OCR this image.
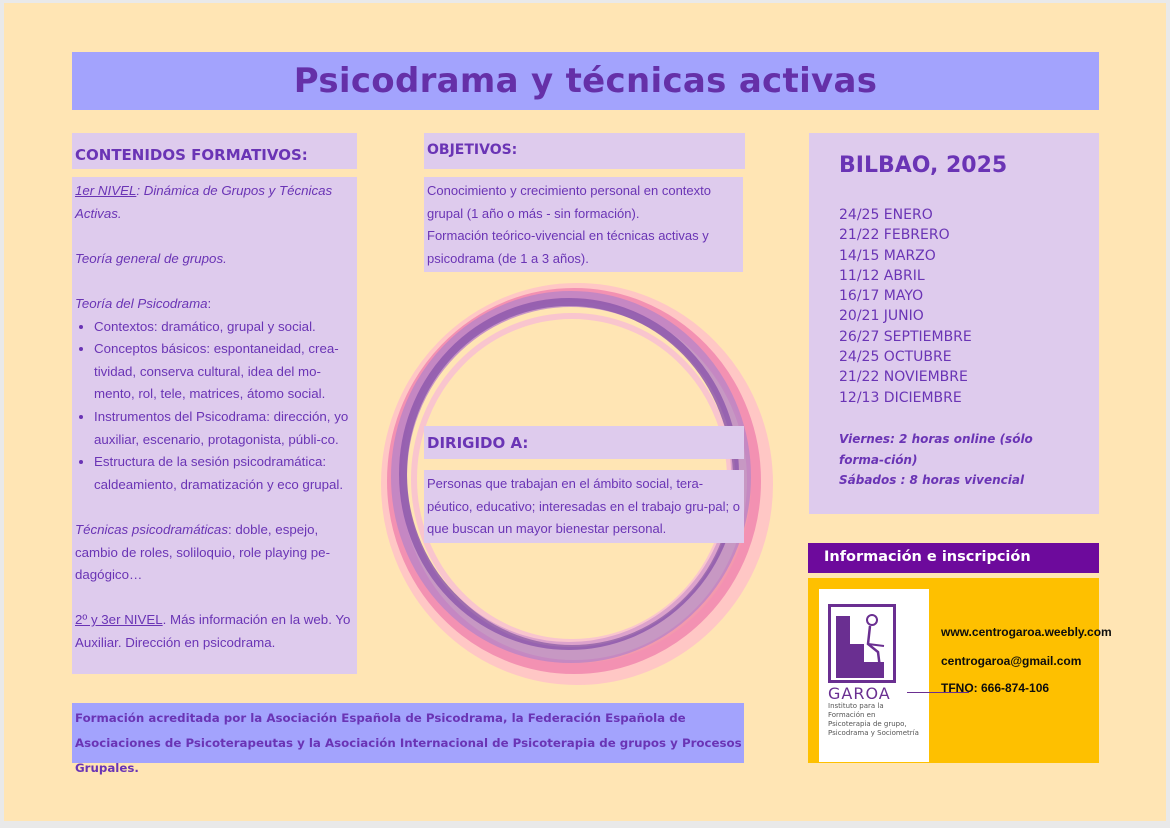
Psicodrama y técnicas activas
CONTENIDOS FORMATIVOS:

1er NIVEL: Dinámica de Grupos y Técnicas Activas.

Teoría general de grupos.

Teoría del Psicodrama:

• Contextos: dramático, grupal y social.
• Conceptos básicos: espontaneidad, crea-tividad, conserva cultural, idea del mo-mento, rol, tele, matrices, átomo social.
• Instrumentos del Psicodrama: dirección, yo auxiliar, escenario, protagonista, públi-co.
• Estructura de la sesión psicodramática: caldeamiento, dramatización y eco grupal.

Técnicas psicodramáticas: doble, espejo, cambio de roles, soliloquio, role playing pe-dagógico…

2º y 3er NIVEL. Más información en la web. Yo Auxiliar. Dirección en psicodrama.

OBJETIVOS:
Conocimiento y crecimiento personal en contexto grupal (1 año o más - sin formación).
Formación teórico-vivencial en técnicas activas y psicodrama (de 1 a 3 años).
DIRIGIDO A:
Personas que trabajan en el ámbito social, tera-péutico, educativo; interesadas en el trabajo gru-pal; o que buscan un mayor bienestar personal.
BILBAO, 2025
24/25 ENERO
21/22 FEBRERO
14/15 MARZO
11/12 ABRIL
16/17 MAYO
20/21 JUNIO
26/27 SEPTIEMBRE
24/25 OCTUBRE
21/22 NOVIEMBRE
12/13 DICIEMBRE
Viernes: 2 horas online (sólo forma-ción)
Sábados : 8 horas vivencial
Información e inscripción
GAROA
Instituto para la Formación en Psicoterapia de grupo, Psicodrama y Sociometría
www.centrogaroa.weebly.com
centrogaroa@gmail.com
TFNO: 666-874-106
Formación acreditada por la Asociación Española de Psicodrama, la Federación Española de Asociaciones de Psicoterapeutas y la Asociación Internacional de Psicoterapia de grupos y Procesos Grupales.
